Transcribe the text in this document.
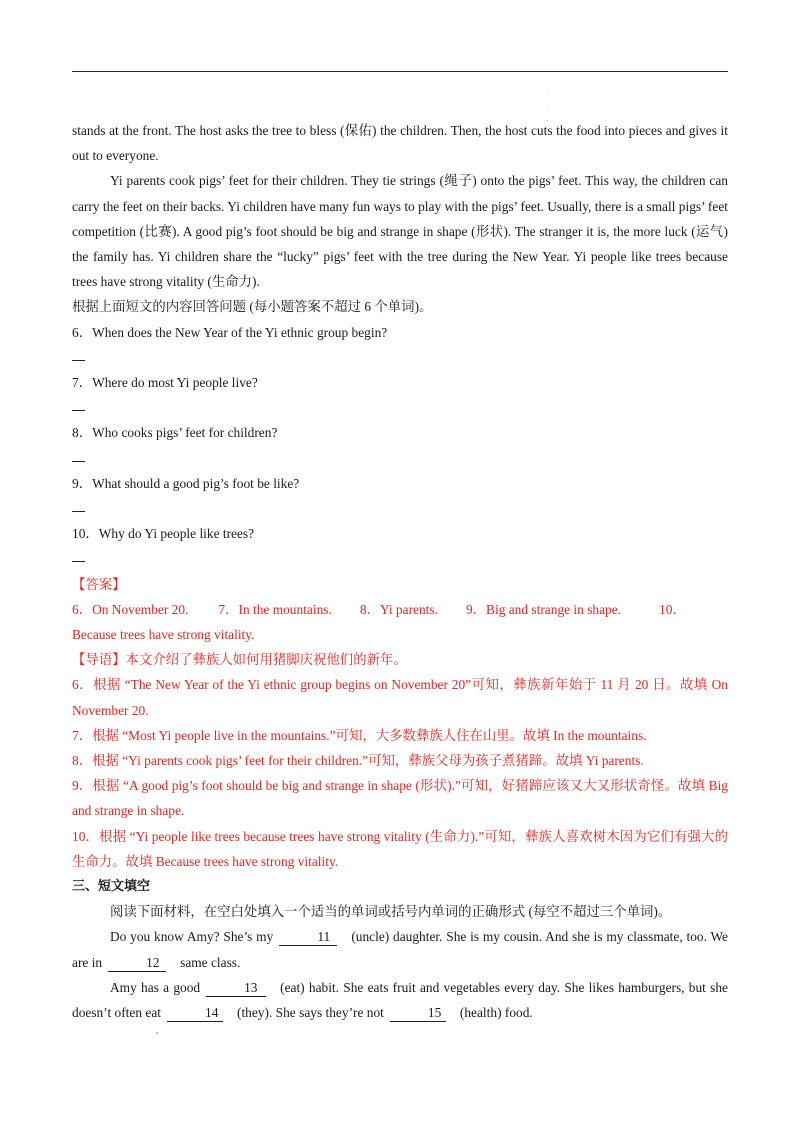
·
·
·

stands at the front. The host asks the tree to bless (保佑) the children. Then, the host cuts the food into pieces and gives it out to everyone.

Yi parents cook pigs’ feet for their children. They tie strings (绳子) onto the pigs’ feet. This way, the children can carry the feet on their backs. Yi children have many fun ways to play with the pigs’ feet. Usually, there is a small pigs’ feet competition (比赛). A good pig’s foot should be big and strange in shape (形状). The stranger it is, the more luck (运气) the family has. Yi children share the “lucky” pigs’ feet with the tree during the New Year. Yi people like trees because trees have strong vitality (生命力).

根据上面短文的内容回答问题 (每小题答案不超过 6 个单词)。

6．When does the New Year of the Yi ethnic group begin?

7．Where do most Yi people live?

8．Who cooks pigs’ feet for children?

9．What should a good pig’s foot be like?

10．Why do Yi people like trees?

【答案】

6．On November 20. 7．In the mountains. 8．Yi parents. 9．Big and strange in shape.	10．

Because trees have strong vitality.

【导语】本文介绍了彝族人如何用猪脚庆祝他们的新年。

6．根据 “The New Year of the Yi ethnic group begins on November 20”可知，彝族新年始于 11 月 20 日。故填 On November 20.

7．根据 “Most Yi people live in the mountains.”可知，大多数彝族人住在山里。故填 In the mountains.

8．根据 “Yi parents cook pigs’ feet for their children.”可知，彝族父母为孩子煮猪蹄。故填 Yi parents.

9．根据 “A good pig’s foot should be big and strange in shape (形状).”可知，好猪蹄应该又大又形状奇怪。故填 Big and strange in shape.

10．根据 “Yi people like trees because trees have strong vitality (生命力).”可知，彝族人喜欢树木因为它们有强大的生命力。故填 Because trees have strong vitality.

三、短文填空

阅读下面材料，在空白处填入一个适当的单词或括号内单词的正确形式 (每空不超过三个单词)。

Do you know Amy? She’s my	11 (uncle) daughter. She is my cousin. And she is my classmate, too. We are in	12 same class.

Amy has a good	13 (eat) habit. She eats fruit and vegetables every day. She likes hamburgers, but she doesn’t often eat	14 (they). She says they’re not	15 (health) food.
